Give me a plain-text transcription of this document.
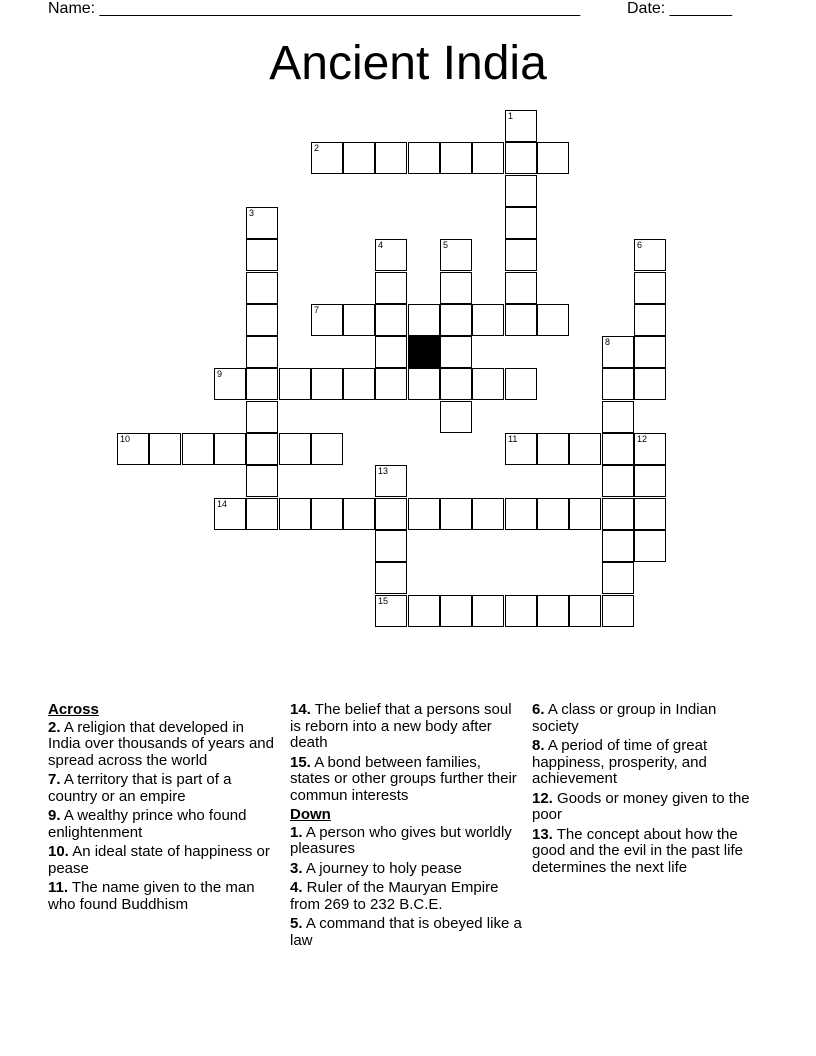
Name: ______________________________________________________	Date: _______
Ancient India
1
2
3
4	5	6
7
8
9
10	11	12
13
14
15
Across
2. A religion that developed in India over thousands of years and spread across the world
7. A territory that is part of a country or an empire
9. A wealthy prince who found enlightenment
10. An ideal state of happiness or pease
11. The name given to the man who found Buddhism
14. The belief that a persons soul is reborn into a new body after death
15. A bond between families, states or other groups further their commun interests
Down
1. A person who gives but worldly pleasures
3. A journey to holy pease
4. Ruler of the Mauryan Empire from 269 to 232 B.C.E.
5. A command that is obeyed like a law
6. A class or group in Indian society
8. A period of time of great happiness, prosperity, and achievement
12. Goods or money given to the poor
13. The concept about how the good and the evil in the past life determines the next life
